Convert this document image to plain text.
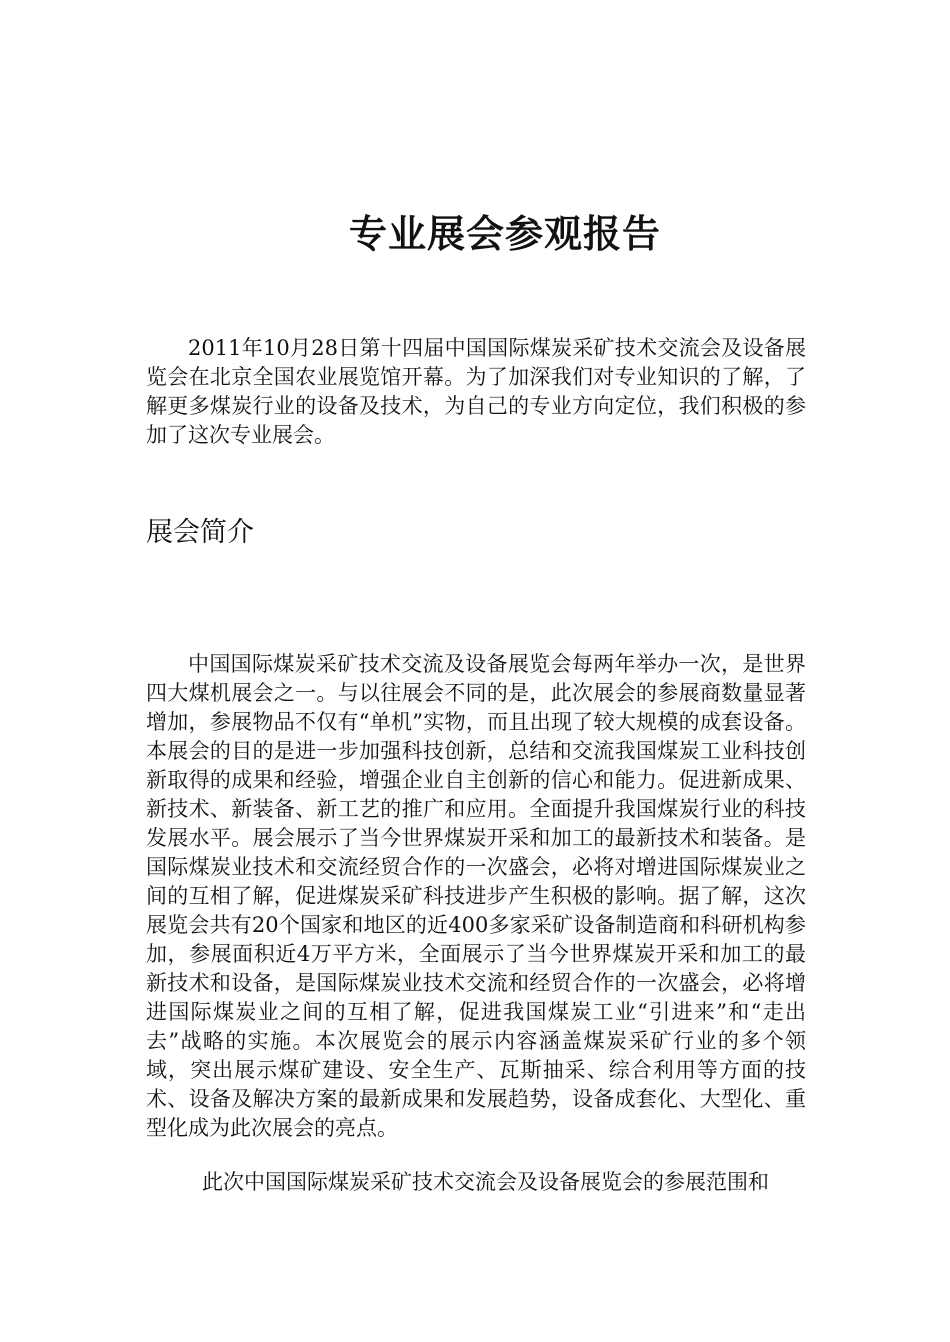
专业展会参观报告

2011年10月28日第十四届中国国际煤炭采矿技术交流会及设备展览会在北京全国农业展览馆开幕。为了加深我们对专业知识的了解，了解更多煤炭行业的设备及技术，为自己的专业方向定位，我们积极的参加了这次专业展会。

展会简介

中国国际煤炭采矿技术交流及设备展览会每两年举办一次，是世界四大煤机展会之一。与以往展会不同的是，此次展会的参展商数量显著增加，参展物品不仅有“单机”实物，而且出现了较大规模的成套设备。本展会的目的是进一步加强科技创新，总结和交流我国煤炭工业科技创新取得的成果和经验，增强企业自主创新的信心和能力。促进新成果、新技术、新装备、新工艺的推广和应用。全面提升我国煤炭行业的科技发展水平。展会展示了当今世界煤炭开采和加工的最新技术和装备。是国际煤炭业技术和交流经贸合作的一次盛会，必将对增进国际煤炭业之间的互相了解，促进煤炭采矿科技进步产生积极的影响。据了解，这次展览会共有20个国家和地区的近400多家采矿设备制造商和科研机构参加，参展面积近4万平方米，全面展示了当今世界煤炭开采和加工的最新技术和设备，是国际煤炭业技术交流和经贸合作的一次盛会，必将增进国际煤炭业之间的互相了解，促进我国煤炭工业“引进来”和“走出去”战略的实施。本次展览会的展示内容涵盖煤炭采矿行业的多个领域，突出展示煤矿建设、安全生产、瓦斯抽采、综合利用等方面的技术、设备及解决方案的最新成果和发展趋势，设备成套化、大型化、重型化成为此次展会的亮点。

此次中国国际煤炭采矿技术交流会及设备展览会的参展范围和
